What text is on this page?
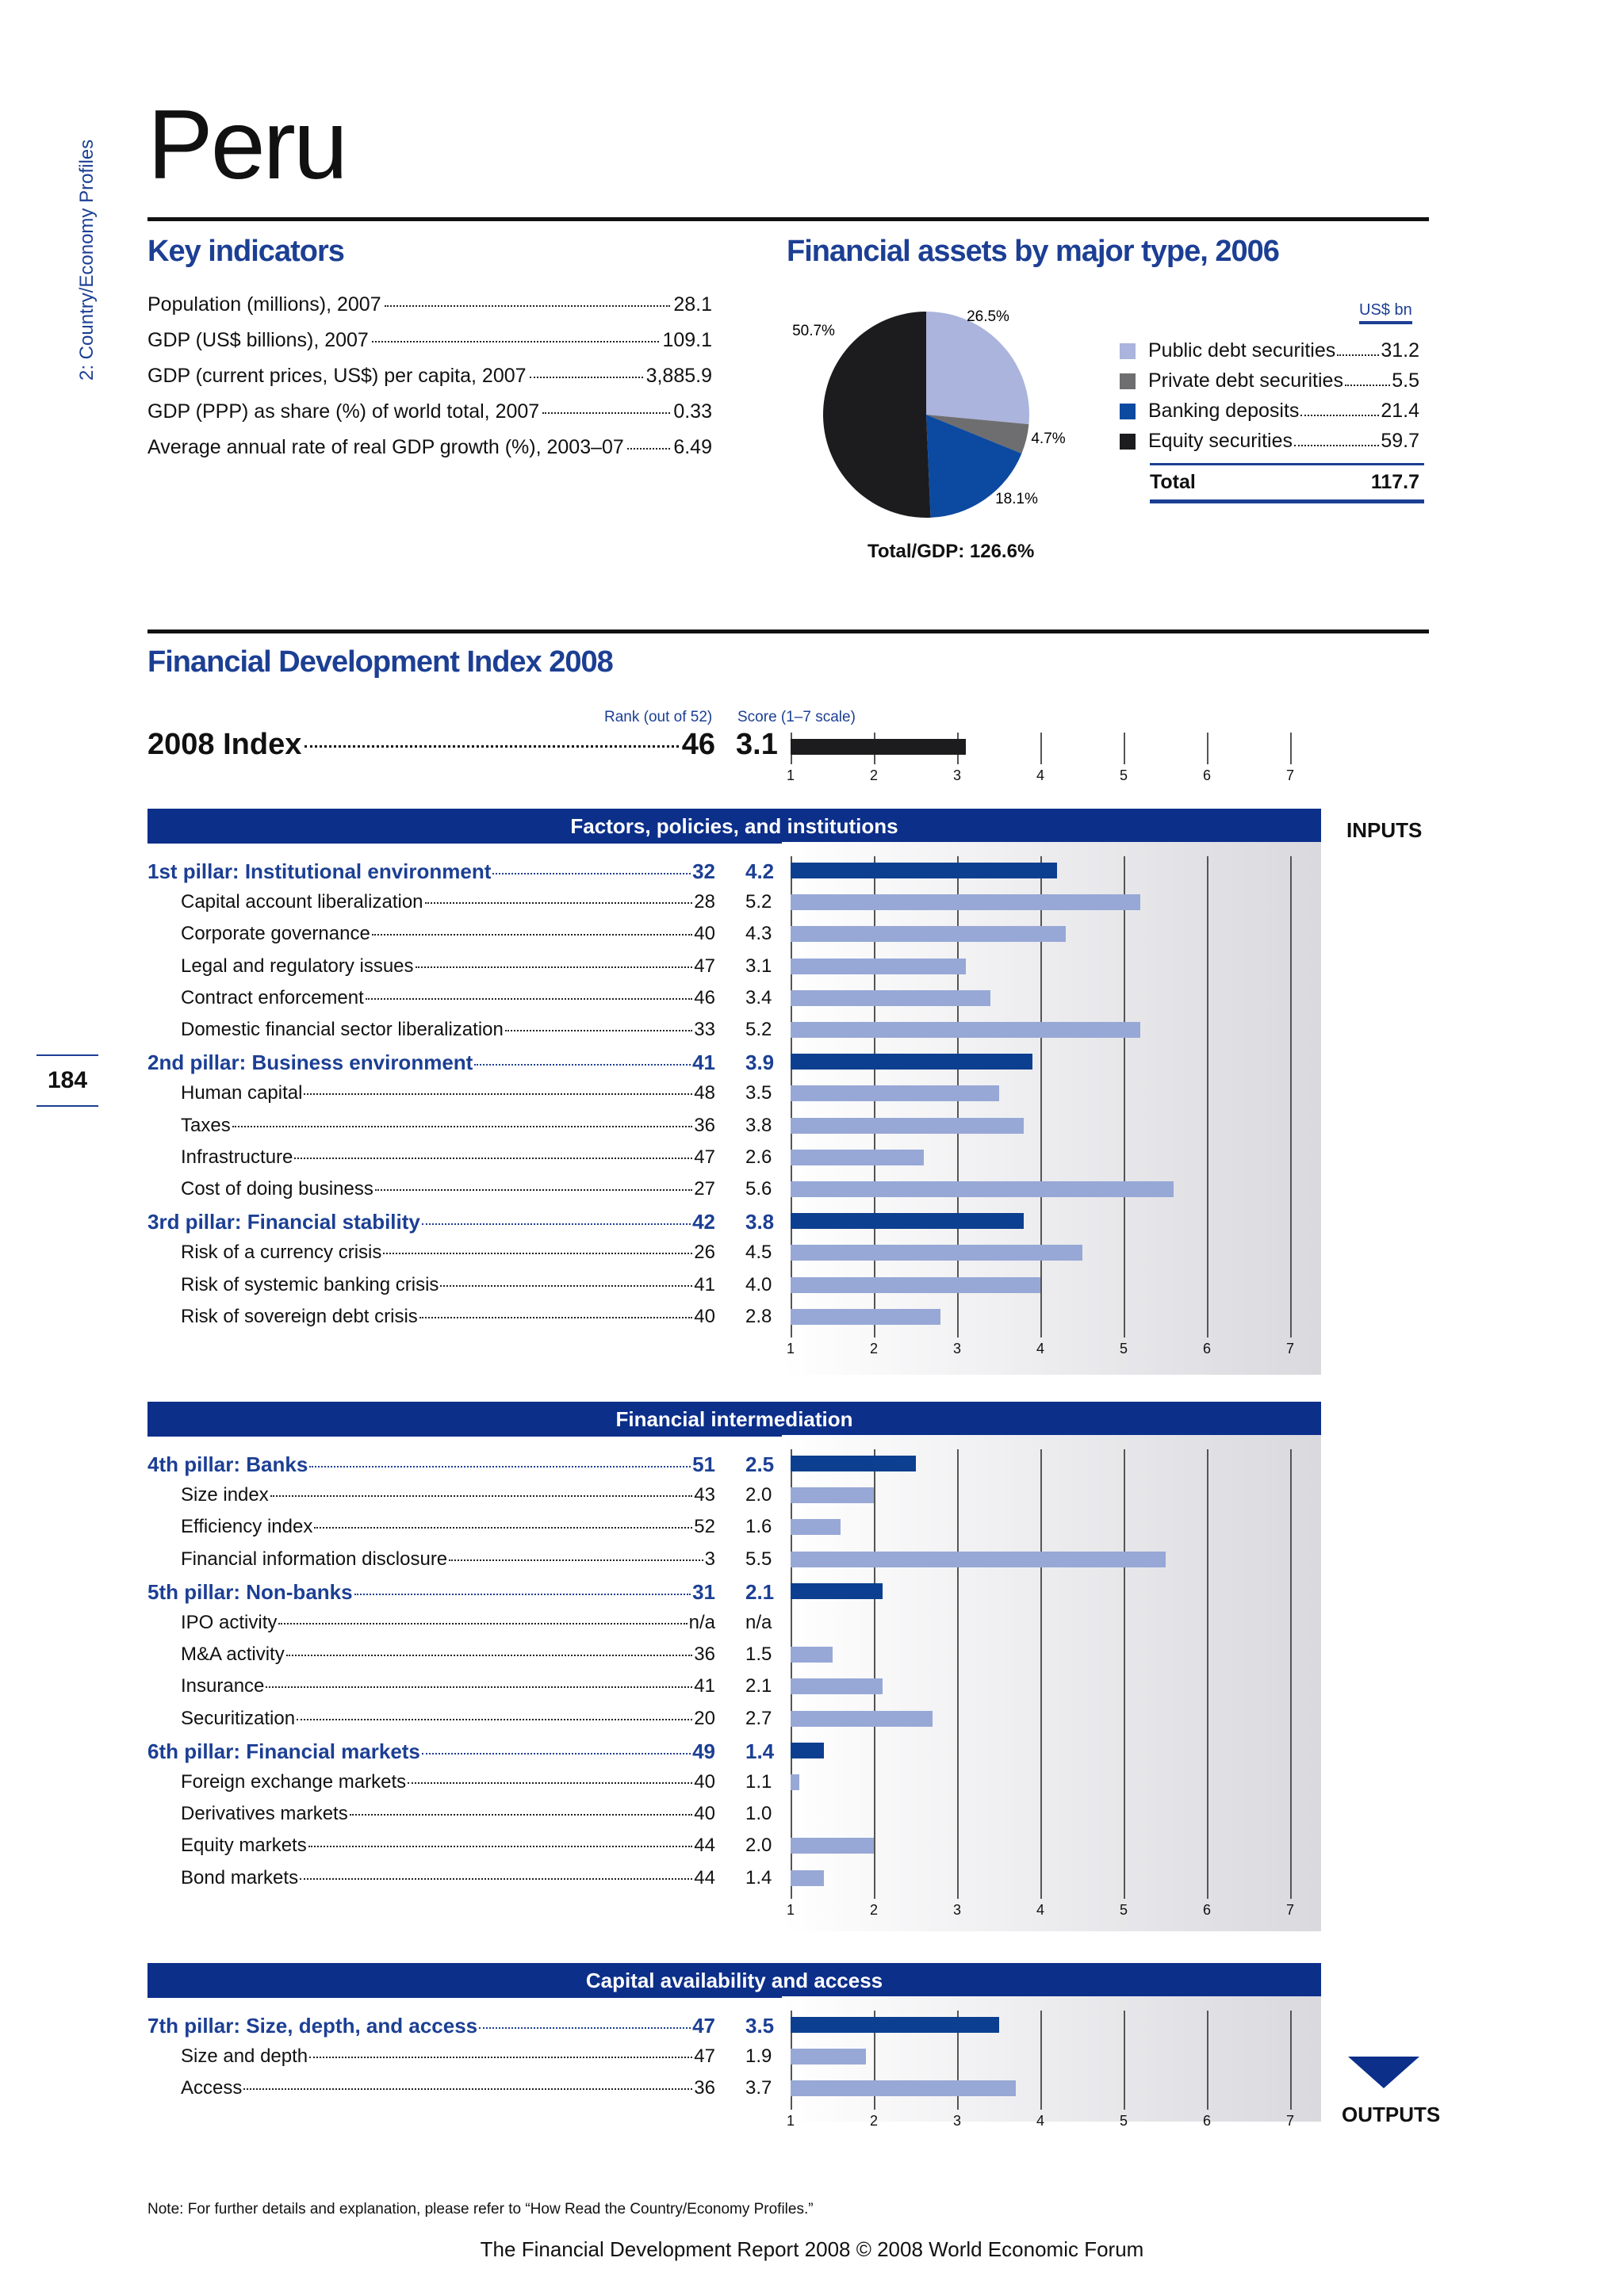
2: Country/Economy Profiles
184
Peru
Key indicators
Population (millions), 2007	28.1
GDP (US$ billions), 2007	109.1
GDP (current prices, US$) per capita, 2007	3,885.9
GDP (PPP) as share (%) of world total, 2007	0.33
Average annual rate of real GDP growth (%), 2003–07 6.49
Financial assets by major type, 2006
26.5%
4.7%
18.1%
50.7%
Total/GDP: 126.6%
US$ bn
Public debt securities 31.2
Private debt securities 5.5
Banking deposits	21.4
Equity securities	59.7
Total	117.7
Financial Development Index 2008
Rank (out of 52) Score (1–7 scale)
2008 Index	46 3.1
1	2	3	4	5	6	7
INPUTS
OUTPUTS
Factors, policies, and institutions
1st pillar: Institutional environment	32 4.2
Capital account liberalization	28 5.2
Corporate governance	40 4.3
Legal and regulatory issues	47 3.1
Contract enforcement	46 3.4
Domestic financial sector liberalization	33 5.2
2nd pillar: Business environment	41 3.9
Human capital	48 3.5
Taxes	36 3.8
Infrastructure	47 2.6
Cost of doing business	27 5.6
3rd pillar: Financial stability	42 3.8
Risk of a currency crisis	26 4.5
Risk of systemic banking crisis	41 4.0
Risk of sovereign debt crisis	40 2.8
1	2	3	4	5	6	7
Financial intermediation
4th pillar: Banks	51 2.5
Size index	43 2.0
Efficiency index	52 1.6
Financial information disclosure	3 5.5
5th pillar: Non-banks	31 2.1
IPO activity	n/a n/a
M&A activity	36 1.5
Insurance	41 2.1
Securitization	20 2.7
6th pillar: Financial markets	49 1.4
Foreign exchange markets	40 1.1
Derivatives markets	40 1.0
Equity markets	44 2.0
Bond markets	44 1.4
1	2	3	4	5	6	7
Capital availability and access
7th pillar: Size, depth, and access	47 3.5
Size and depth	47 1.9
Access	36 3.7
1	2	3	4	5	6	7
Note: For further details and explanation, please refer to “How Read the Country/Economy Profiles.”
The Financial Development Report 2008 © 2008 World Economic Forum
